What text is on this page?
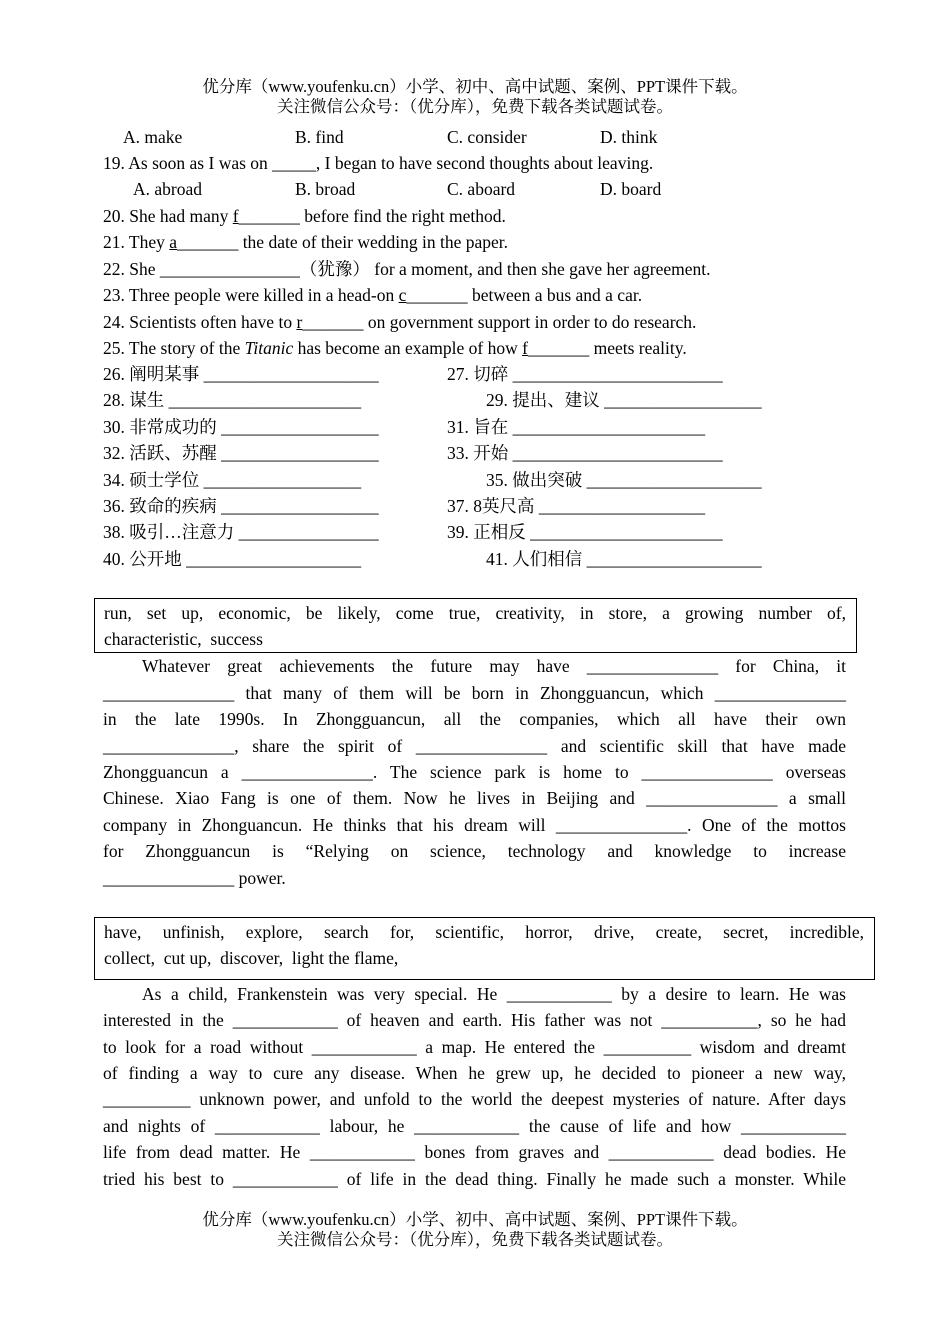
优分库（www.youfenku.cn）小学、初中、高中试题、案例、PPT课件下载。
关注微信公众号：（优分库），免费下载各类试题试卷。
A. make	B. find	C. consider	D. think
19. As soon as I was on _____, I began to have second thoughts about leaving.
A. abroad	B. broad	C. aboard	D. board
20. She had many f_______ before find the right method.
21. They a_______ the date of their wedding in the paper.
22. She ________________（犹豫） for a moment, and then she gave her agreement.
23. Three people were killed in a head-on c_______ between a bus and a car.
24. Scientists often have to r_______ on government support in order to do research.
25. The story of the Titanic has become an example of how f_______ meets reality.
26. 阐明某事 ____________________	27. 切碎 ________________________
28. 谋生 ______________________	29. 提出、建议 __________________
30. 非常成功的 __________________	31. 旨在 ______________________
32. 活跃、苏醒 __________________	33. 开始 ________________________
34. 硕士学位 __________________	35. 做出突破 ____________________
36. 致命的疾病 __________________	37. 8英尺高 ___________________
38. 吸引…注意力 ________________	39. 正相反 ______________________
40. 公开地 ____________________	41. 人们相信 ____________________
run, set up, economic, be likely, come true, creativity, in store, a growing number of,
characteristic,  success
Whatever great achievements the future may have _______________ for China, it
_______________ that many of them will be born in Zhongguancun, which _______________
in the late 1990s. In Zhongguancun, all the companies, which all have their own
_______________, share the spirit of _______________ and scientific skill that have made
Zhongguancun a _______________. The science park is home to _______________ overseas
Chinese. Xiao Fang is one of them. Now he lives in Beijing and _______________ a small
company in Zhonguancun. He thinks that his dream will _______________. One of the mottos
for Zhongguancun is “Relying on science, technology and knowledge to increase
_______________ power.
have, unfinish, explore, search for, scientific, horror, drive, create, secret, incredible,
collect,  cut up,  discover,  light the flame,
As a child, Frankenstein was very special. He ____________ by a desire to learn. He was
interested in the ____________ of heaven and earth. His father was not ___________, so he had
to look for a road without ____________ a map. He entered the __________ wisdom and dreamt
of finding a way to cure any disease. When he grew up, he decided to pioneer a new way,
__________ unknown power, and unfold to the world the deepest mysteries of nature. After days
and nights of ____________ labour, he ____________ the cause of life and how ____________
life from dead matter. He ____________ bones from graves and ____________ dead bodies. He
tried his best to ____________ of life in the dead thing. Finally he made such a monster. While
优分库（www.youfenku.cn）小学、初中、高中试题、案例、PPT课件下载。
关注微信公众号：（优分库），免费下载各类试题试卷。
